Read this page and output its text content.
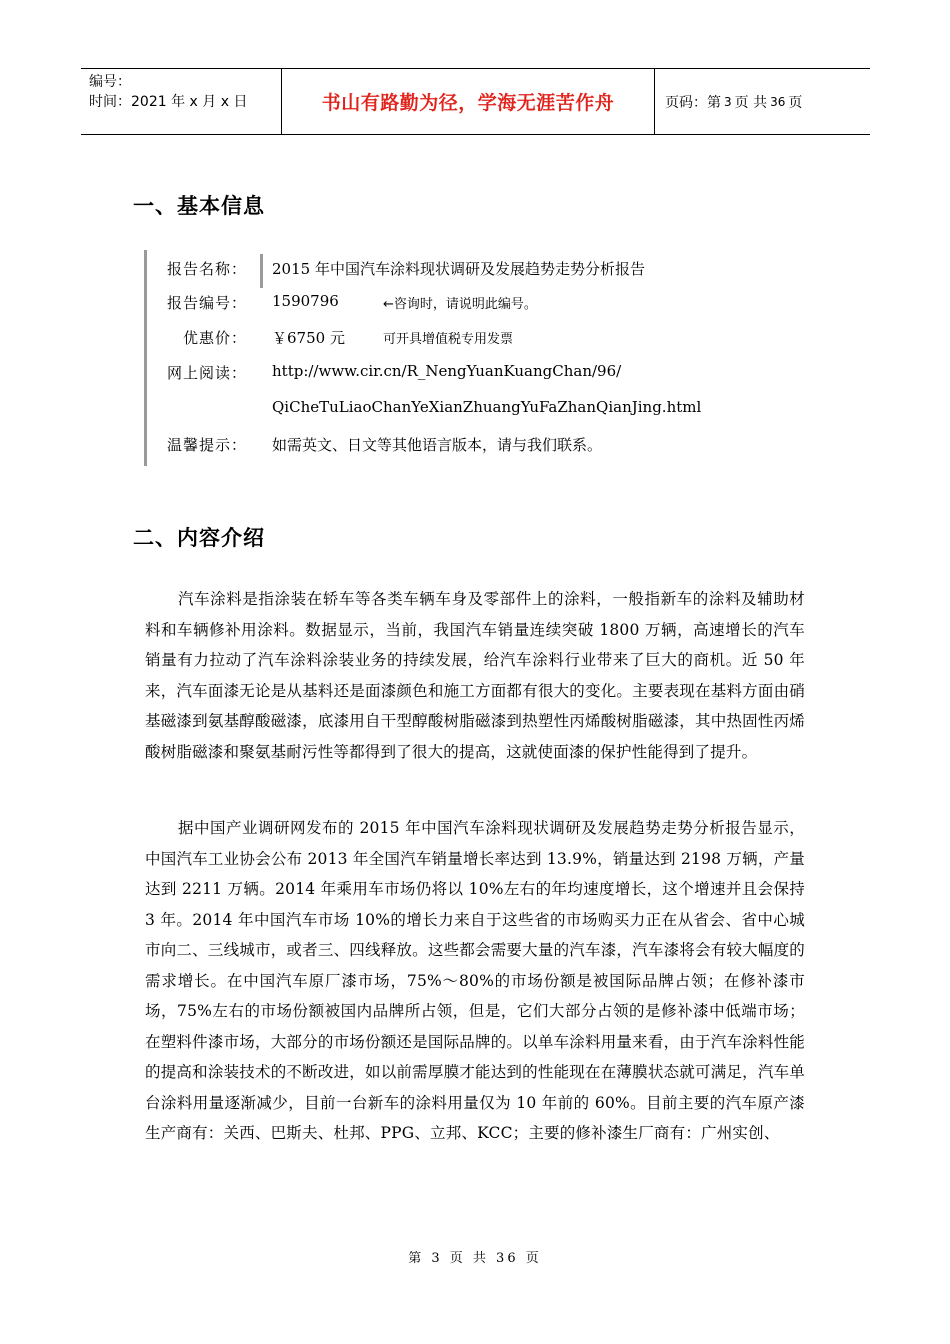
编号：
时间：2021 年 x 月 x 日	书山有路勤为径，学海无涯苦作舟	页码：第 3 页 共 36 页
一、基本信息
报告名称： 2015 年中国汽车涂料现状调研及发展趋势走势分析报告
报告编号： 1590796	←咨询时，请说明此编号。
优惠价： ￥6750 元	可开具增值税专用发票
网上阅读： http://www.cir.cn/R_NengYuanKuangChan/96/
QiCheTuLiaoChanYeXianZhuangYuFaZhanQianJing.html
温馨提示： 如需英文、日文等其他语言版本，请与我们联系。
二、内容介绍

汽车涂料是指涂装在轿车等各类车辆车身及零部件上的涂料，一般指新车的涂料及辅助材料和车辆修补用涂料。数据显示，当前，我国汽车销量连续突破 1800 万辆，高速增长的汽车销量有力拉动了汽车涂料涂装业务的持续发展，给汽车涂料行业带来了巨大的商机。近 50 年来，汽车面漆无论是从基料还是面漆颜色和施工方面都有很大的变化。主要表现在基料方面由硝基磁漆到氨基醇酸磁漆，底漆用自干型醇酸树脂磁漆到热塑性丙烯酸树脂磁漆，其中热固性丙烯酸树脂磁漆和聚氨基耐污性等都得到了很大的提高，这就使面漆的保护性能得到了提升。

据中国产业调研网发布的 2015 年中国汽车涂料现状调研及发展趋势走势分析报告显示，中国汽车工业协会公布 2013 年全国汽车销量增长率达到 13.9%，销量达到 2198 万辆，产量达到 2211 万辆。2014 年乘用车市场仍将以 10%左右的年均速度增长，这个增速并且会保持 3 年。2014 年中国汽车市场 10%的增长力来自于这些省的市场购买力正在从省会、省中心城市向二、三线城市，或者三、四线释放。这些都会需要大量的汽车漆，汽车漆将会有较大幅度的需求增长。在中国汽车原厂漆市场，75%～80%的市场份额是被国际品牌占领；在修补漆市场，75%左右的市场份额被国内品牌所占领，但是，它们大部分占领的是修补漆中低端市场；在塑料件漆市场，大部分的市场份额还是国际品牌的。以单车涂料用量来看，由于汽车涂料性能的提高和涂装技术的不断改进，如以前需厚膜才能达到的性能现在在薄膜状态就可满足，汽车单台涂料用量逐渐减少，目前一台新车的涂料用量仅为 10 年前的 60%。目前主要的汽车原产漆生产商有：关西、巴斯夫、杜邦、PPG、立邦、KCC；主要的修补漆生厂商有：广州实创、

第 3 页 共 36 页
